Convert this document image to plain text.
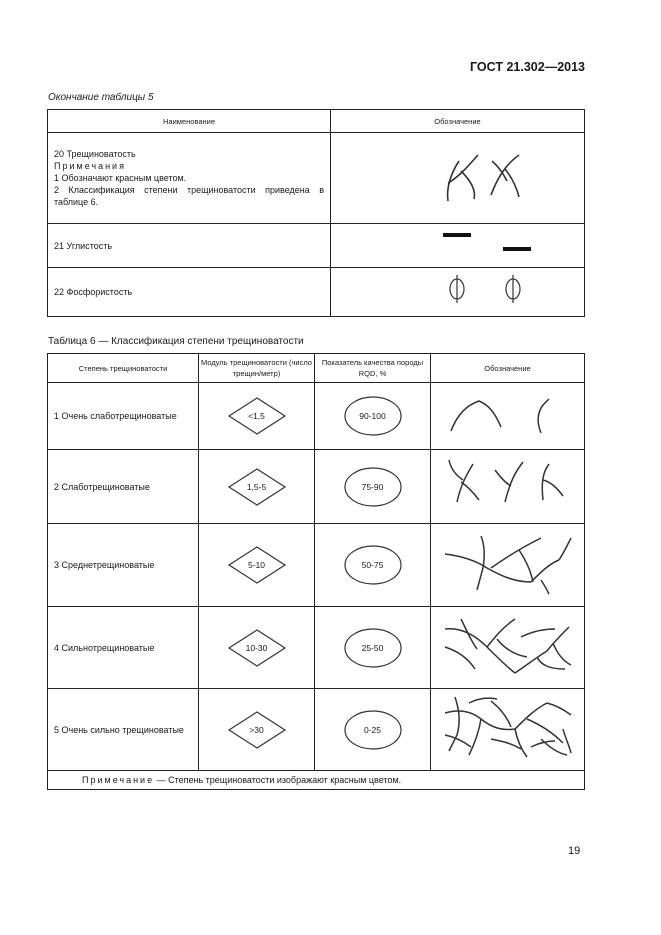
ГОСТ 21.302—2013
Окончание таблицы 5
Наименование	Обозначение

20 Трещиноватость

Примечания

1 Обозначают красным цветом.

2 Классификация степени трещиноватости приведена в таблице 6.

21 Углистость	
22 Фосфористость	
Таблица 6 — Классификация степени трещиноватости
Степень трещиноватости	Модуль трещиноватости (число трещин/метр)	Показатель качества породы RQD, %	Обозначение
1 Очень слаботрещиноватые	<1,5	90-100

2 Слаботрещиноватые	1,5-5	75-90

3 Среднетрещиноватые	5-10	50-75

4 Сильнотрещиноватые	10-30	25-50

5 Очень сильно трещиноватые	>30	0-25

Примечание — Степень трещиноватости изображают красным цветом.			
19
